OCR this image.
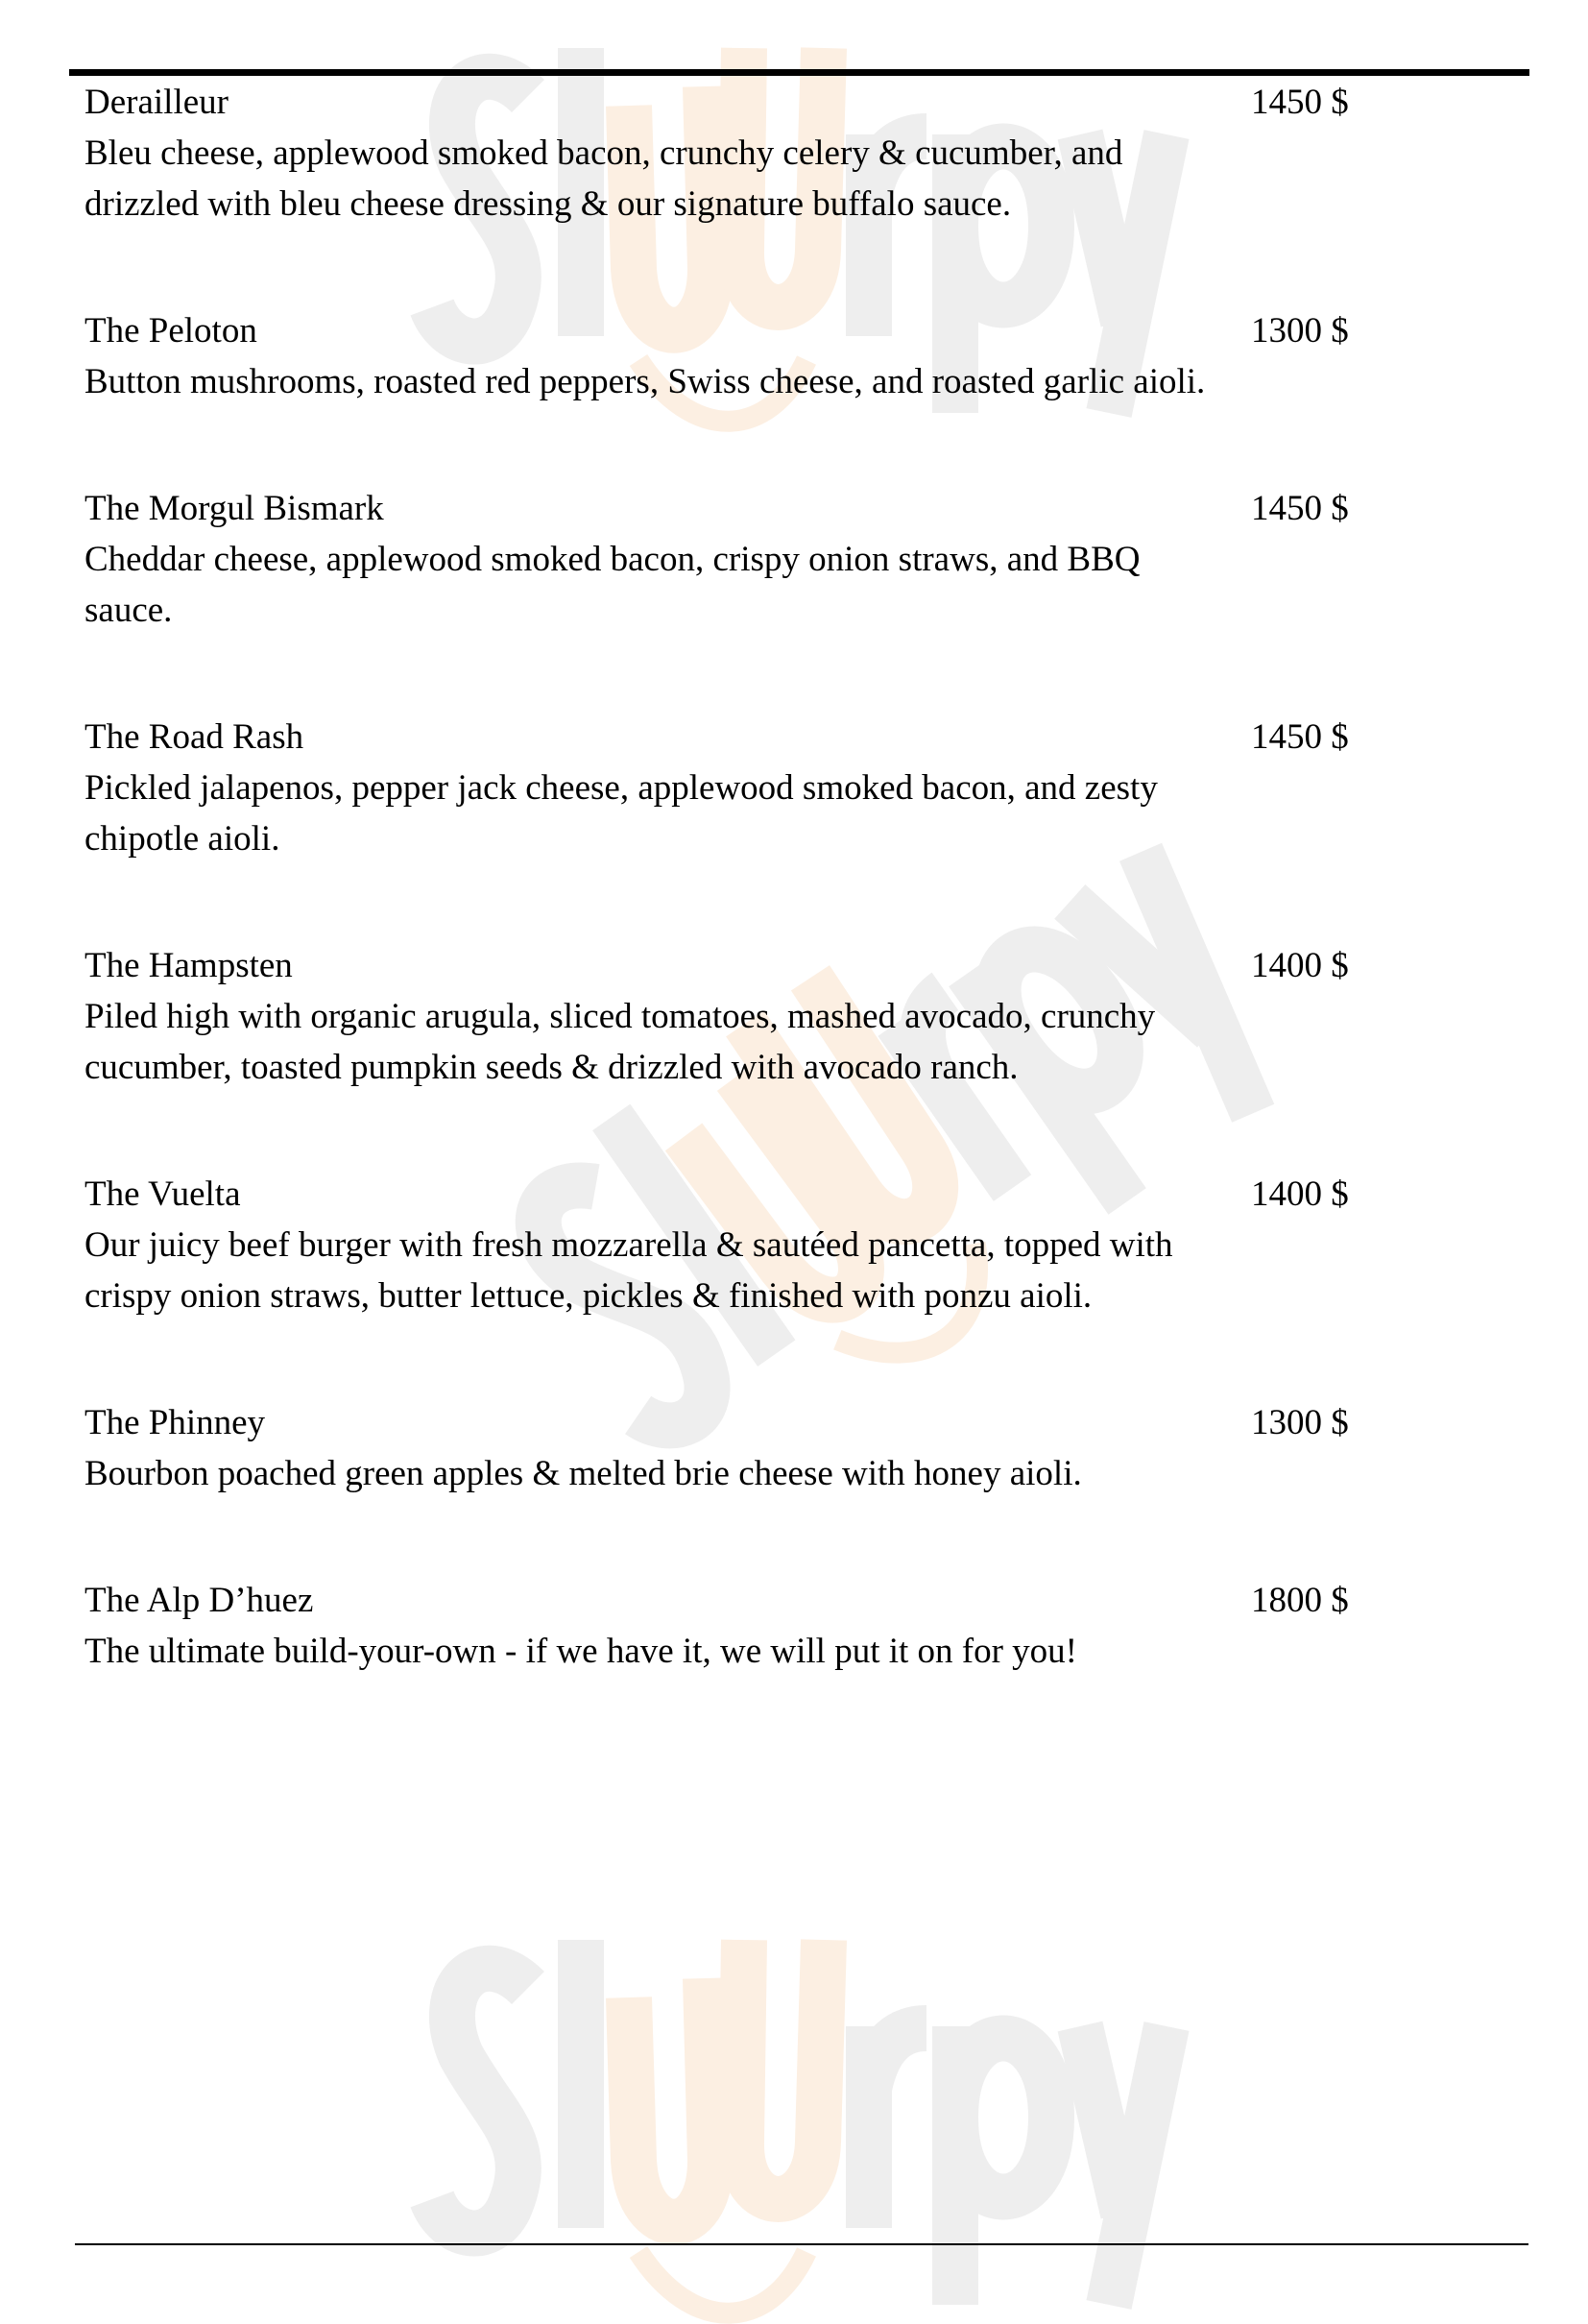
Derailleur
Bleu cheese, applewood smoked bacon, crunchy celery & cucumber, and drizzled with bleu cheese dressing & our signature buffalo sauce.
1450 $
The Peloton
Button mushrooms, roasted red peppers, Swiss cheese, and roasted garlic aioli.
1300 $
The Morgul Bismark
Cheddar cheese, applewood smoked bacon, crispy onion straws, and BBQ sauce.
1450 $
The Road Rash
Pickled jalapenos, pepper jack cheese, applewood smoked bacon, and zesty chipotle aioli.
1450 $
The Hampsten
Piled high with organic arugula, sliced tomatoes, mashed avocado, crunchy cucumber, toasted pumpkin seeds & drizzled with avocado ranch.
1400 $
The Vuelta
Our juicy beef burger with fresh mozzarella & sautéed pancetta, topped with crispy onion straws, butter lettuce, pickles & finished with ponzu aioli.
1400 $
The Phinney
Bourbon poached green apples & melted brie cheese with honey aioli.
1300 $
The Alp D’huez
The ultimate build-your-own - if we have it, we will put it on for you!
1800 $
